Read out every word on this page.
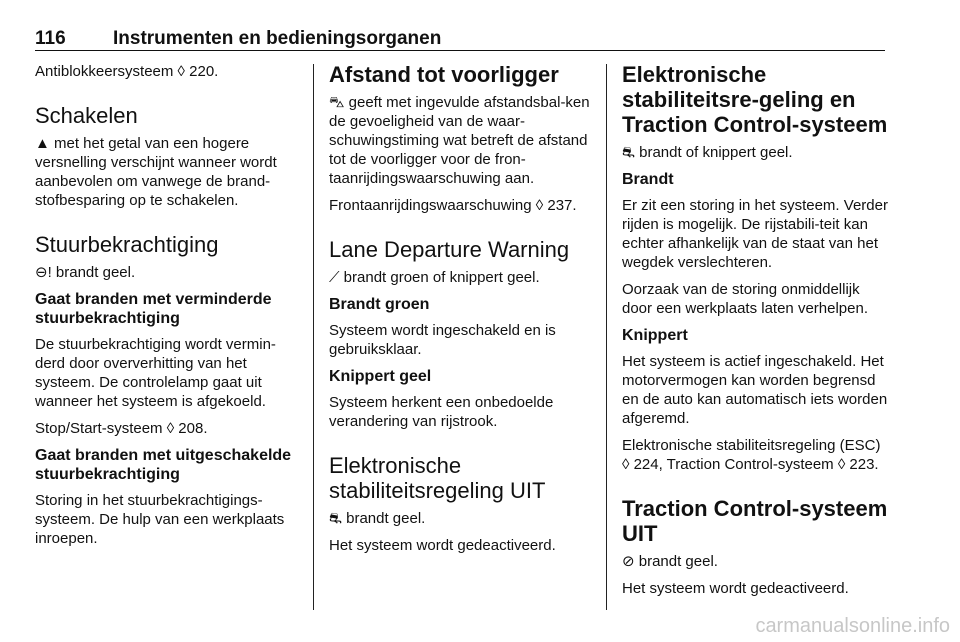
116 Instrumenten en bedieningsorganen

Antiblokkeersysteem ◊ 220.

Schakelen

▲ met het getal van een hogere versnelling verschijnt wanneer wordt aanbevolen om vanwege de brand-stofbesparing op te schakelen.

Stuurbekrachtiging

⊖! brandt geel.

Gaat branden met verminderde stuurbekrachtiging

De stuurbekrachtiging wordt vermin-derd door oververhitting van het systeem. De controlelamp gaat uit wanneer het systeem is afgekoeld.

Stop/Start-systeem ◊ 208.

Gaat branden met uitgeschakelde stuurbekrachtiging

Storing in het stuurbekrachtigings-systeem. De hulp van een werkplaats inroepen.

Afstand tot voorligger

⛍ geeft met ingevulde afstandsbal-ken de gevoeligheid van de waar-schuwingstiming wat betreft de afstand tot de voorligger voor de fron-taanrijdingswaarschuwing aan.

Frontaanrijdingswaarschuwing ◊ 237.

Lane Departure Warning

⟋ brandt groen of knippert geel.

Brandt groen

Systeem wordt ingeschakeld en is gebruiksklaar.

Knippert geel

Systeem herkent een onbedoelde verandering van rijstrook.

Elektronische stabiliteitsregeling UIT

⛐ brandt geel.

Het systeem wordt gedeactiveerd.

Elektronische stabiliteitsre-geling en Traction Control-systeem

⛐ brandt of knippert geel.

Brandt

Er zit een storing in het systeem. Verder rijden is mogelijk. De rijstabili-teit kan echter afhankelijk van de staat van het wegdek verslechteren.

Oorzaak van de storing onmiddellijk door een werkplaats laten verhelpen.

Knippert

Het systeem is actief ingeschakeld. Het motorvermogen kan worden begrensd en de auto kan automatisch iets worden afgeremd.

Elektronische stabiliteitsregeling (ESC) ◊ 224, Traction Control-systeem ◊ 223.

Traction Control-systeem UIT

⊘ brandt geel.

Het systeem wordt gedeactiveerd.

carmanualsonline.info
